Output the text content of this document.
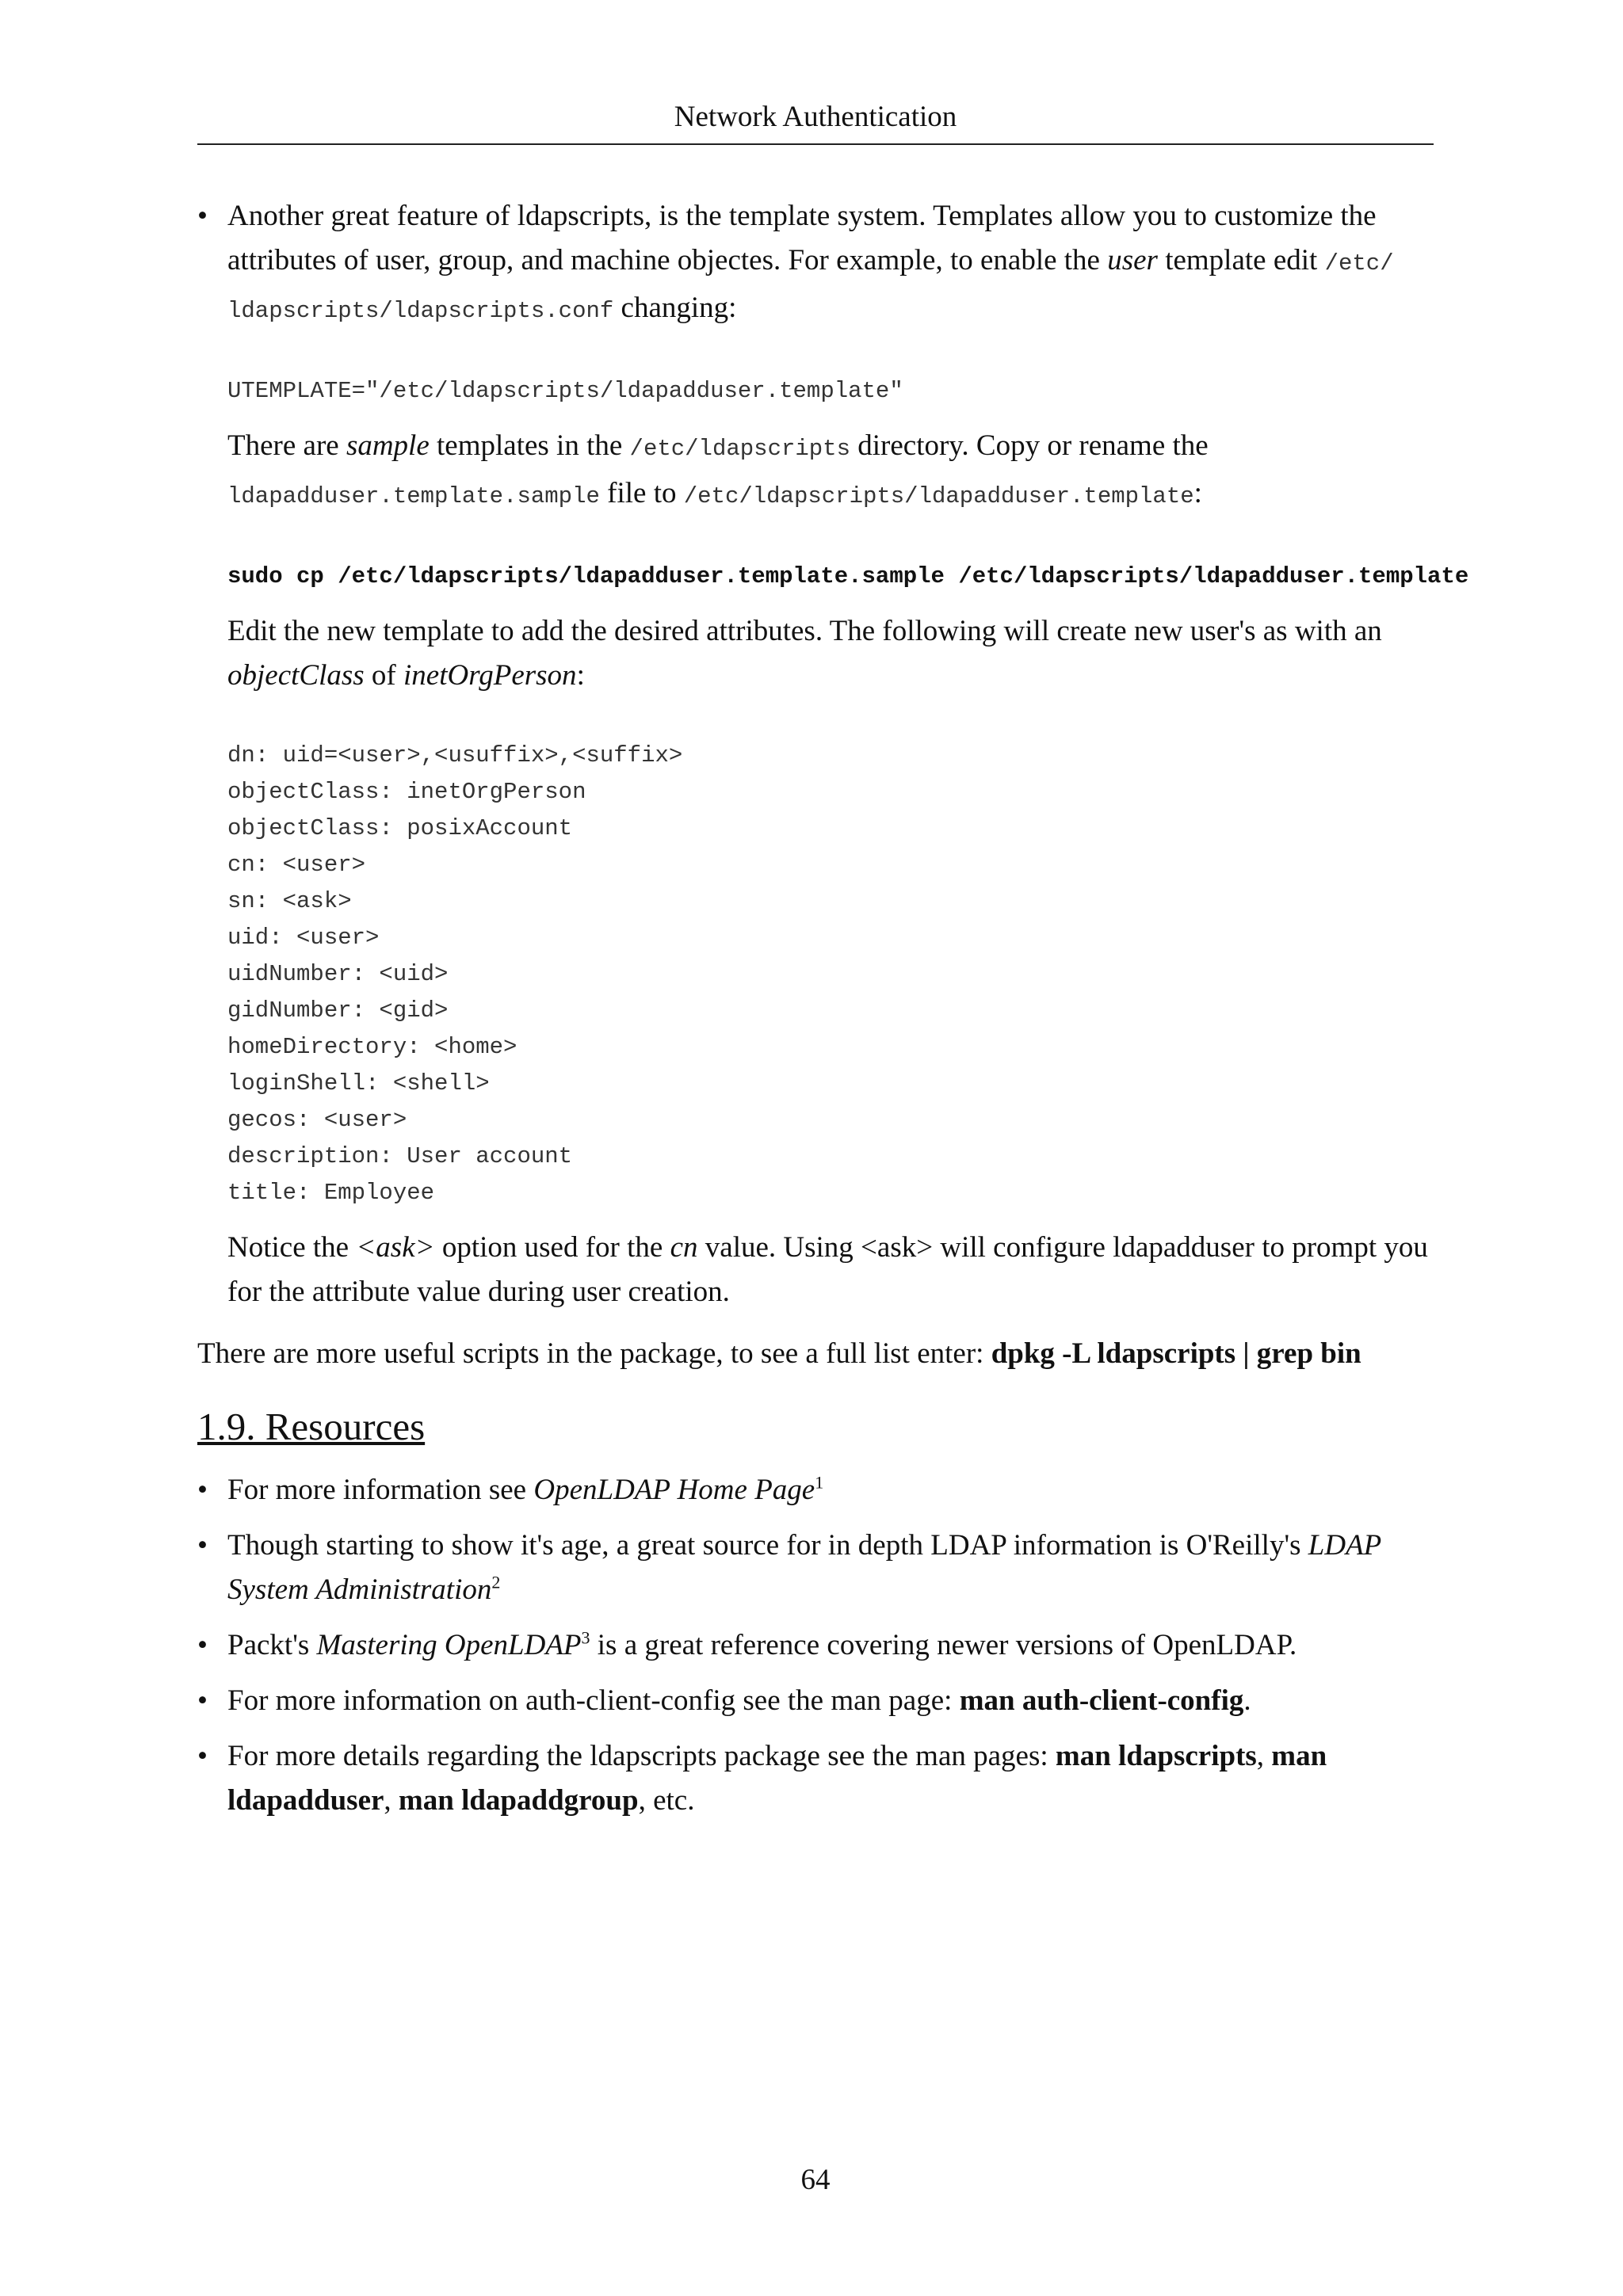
Network Authentication
• Another great feature of ldapscripts, is the template system. Templates allow you to customize the attributes of user, group, and machine objectes. For example, to enable the user template edit /etc/ ldapscripts/ldapscripts.conf changing:

UTEMPLATE="/etc/ldapscripts/ldapadduser.template"

There are sample templates in the /etc/ldapscripts directory. Copy or rename the ldapadduser.template.sample file to /etc/ldapscripts/ldapadduser.template:

sudo cp /etc/ldapscripts/ldapadduser.template.sample /etc/ldapscripts/ldapadduser.template

Edit the new template to add the desired attributes. The following will create new user's as with an objectClass of inetOrgPerson:

dn: uid=<user>,<usuffix>,<suffix>
objectClass: inetOrgPerson
objectClass: posixAccount
cn: <user>
sn: <ask>
uid: <user>
uidNumber: <uid>
gidNumber: <gid>
homeDirectory: <home>
loginShell: <shell>
gecos: <user>
description: User account
title: Employee

Notice the <ask> option used for the cn value. Using <ask> will configure ldapadduser to prompt you for the attribute value during user creation.

There are more useful scripts in the package, to see a full list enter: dpkg -L ldapscripts | grep bin

1.9. Resources
• For more information see OpenLDAP Home Page$^1$

• Though starting to show it's age, a great source for in depth LDAP information is O'Reilly's LDAP System Administration$^2$

• Packt's Mastering OpenLDAP$^3$ is a great reference covering newer versions of OpenLDAP.

• For more information on auth-client-config see the man page: man auth-client-config.

• For more details regarding the ldapscripts package see the man pages: man ldapscripts, man ldapadduser, man ldapaddgroup, etc.

64
